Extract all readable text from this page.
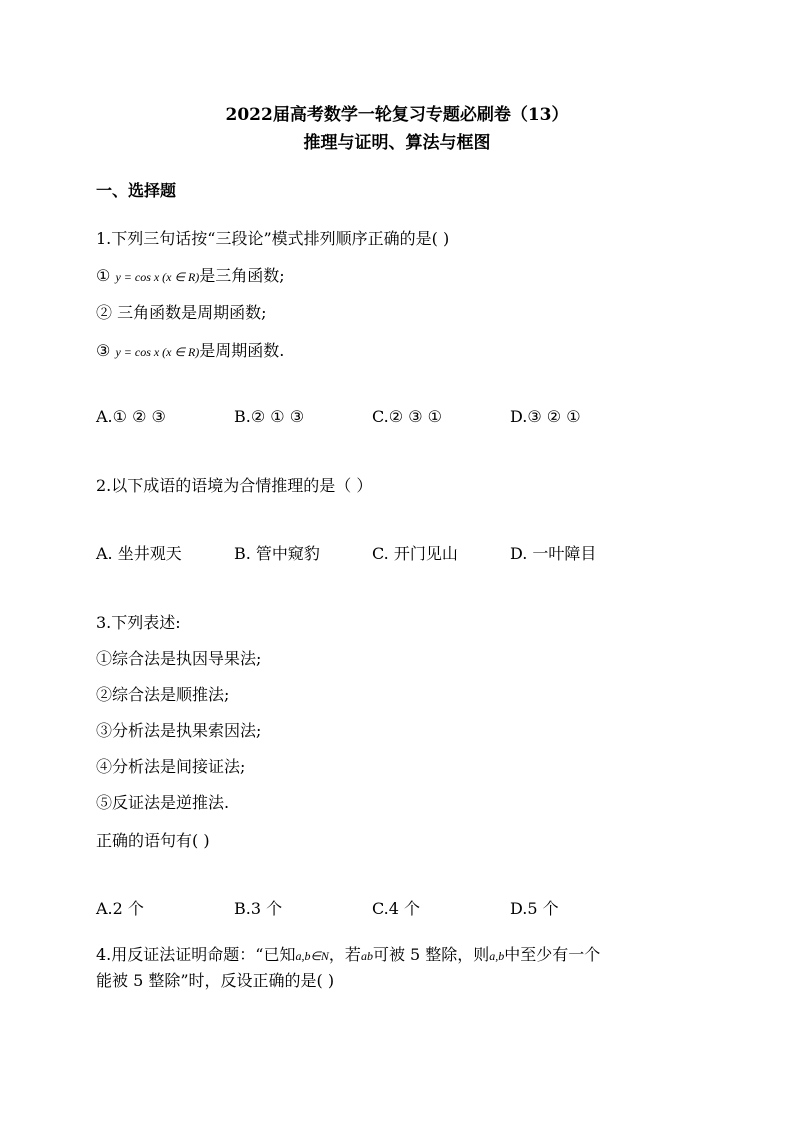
2022届高考数学一轮复习专题必刷卷（13）
推理与证明、算法与框图
一、选择题
1.下列三句话按“三段论”模式排列顺序正确的是( )
① y = cos x (x ∈ R)是三角函数;
② 三角函数是周期函数;
③ y = cos x (x ∈ R)是周期函数.
A.① ② ③	B.② ① ③	C.② ③ ①	D.③ ② ①
2.以下成语的语境为合情推理的是（ ）
A. 坐井观天	B. 管中窥豹	C. 开门见山	D. 一叶障目
3.下列表述:
①综合法是执因导果法;
②综合法是顺推法;
③分析法是执果索因法;
④分析法是间接证法;
⑤反证法是逆推法.
正确的语句有( )
A.2 个	B.3 个	C.4 个	D.5 个
4.用反证法证明命题：“已知a,b∈N，若ab可被 5 整除，则a,b中至少有一个
能被 5 整除”时，反设正确的是( )
